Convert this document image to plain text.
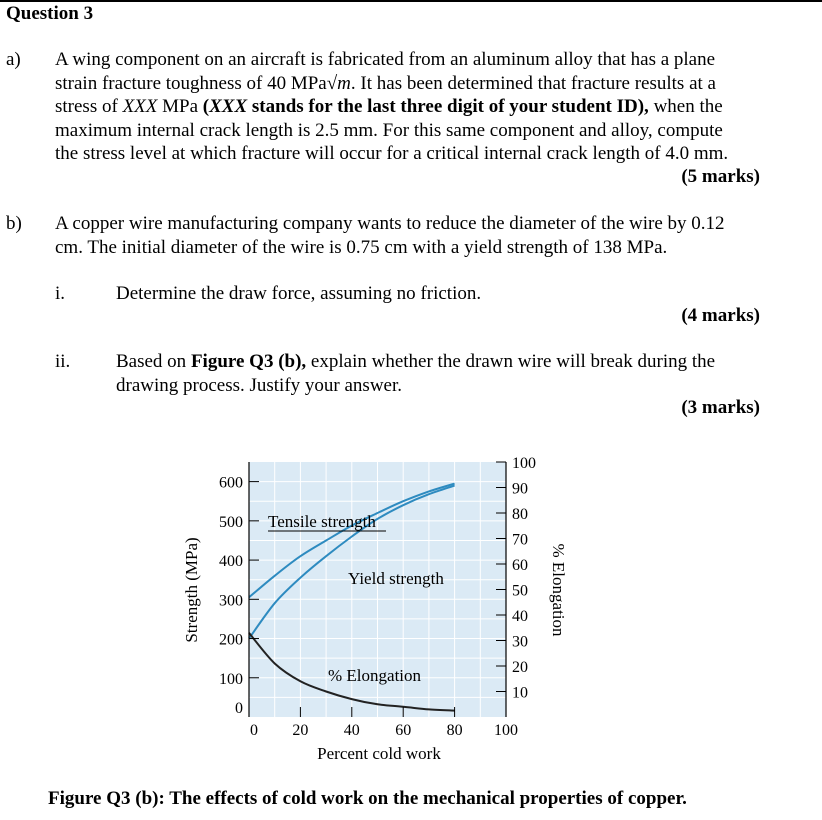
Question 3
a) A wing component on an aircraft is fabricated from an aluminum alloy that has a plane
strain fracture toughness of 40 MPa√m. It has been determined that fracture results at a
stress of XXX MPa (XXX stands for the last three digit of your student ID), when the
maximum internal crack length is 2.5 mm. For this same component and alloy, compute
the stress level at which fracture will occur for a critical internal crack length of 4.0 mm.
(5 marks)
b) A copper wire manufacturing company wants to reduce the diameter of the wire by 0.12
cm. The initial diameter of the wire is 0.75 cm with a yield strength of 138 MPa.
i.	Determine the draw force, assuming no friction.
(4 marks)
ii. Based on Figure Q3 (b), explain whether the drawn wire will break during the
drawing process. Justify your answer.
(3 marks)
0
100
200
300
400
500
600
10
20
30
40
50
60
70
80
90
100
0 20 40 60 80 100
Strength (MPa)	% Elongation
Percent cold work
Tensile strength
Yield strength
% Elongation
Figure Q3 (b): The effects of cold work on the mechanical properties of copper.
